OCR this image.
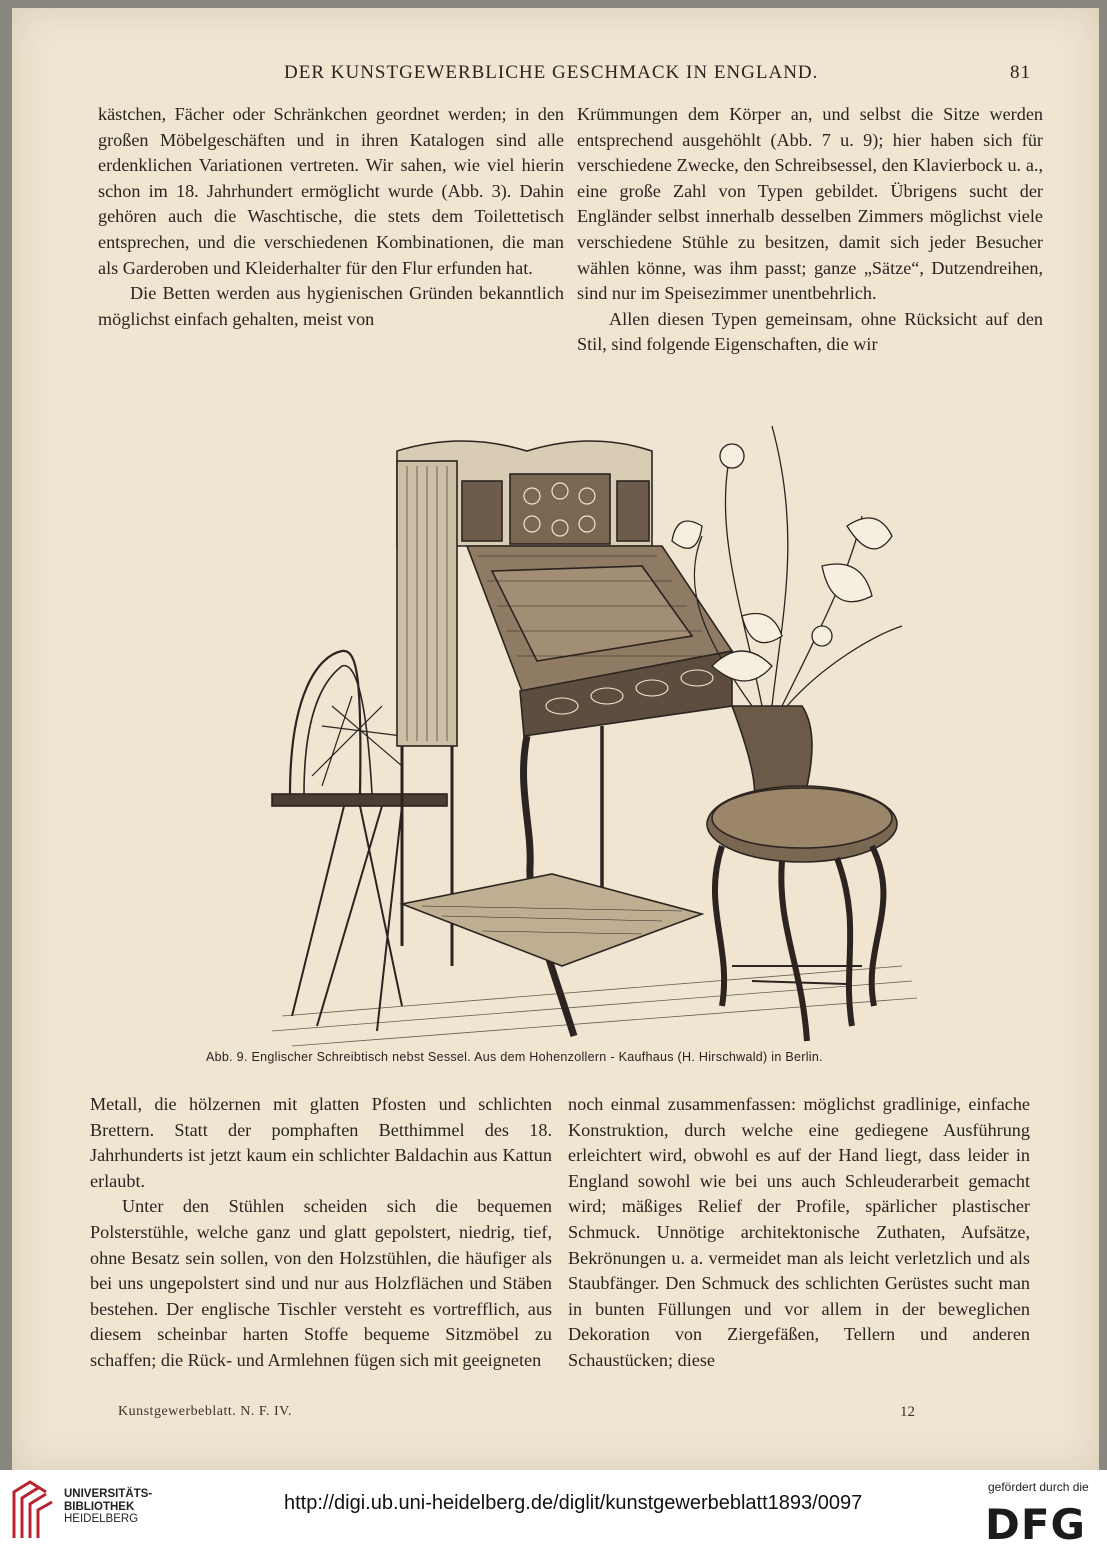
DER KUNSTGEWERBLICHE GESCHMACK IN ENGLAND.	81

kästchen, Fächer oder Schränkchen geordnet werden; in den großen Möbelgeschäften und in ihren Katalogen sind alle erdenklichen Variationen vertreten. Wir sahen, wie viel hierin schon im 18. Jahrhundert ermöglicht wurde (Abb. 3). Dahin gehören auch die Waschtische, die stets dem Toilettetisch entsprechen, und die verschiedenen Kombinationen, die man als Garderoben und Kleiderhalter für den Flur erfunden hat.

Die Betten werden aus hygienischen Gründen bekanntlich möglichst einfach gehalten, meist von

Krümmungen dem Körper an, und selbst die Sitze werden entsprechend ausgehöhlt (Abb. 7 u. 9); hier haben sich für verschiedene Zwecke, den Schreibsessel, den Klavierbock u. a., eine große Zahl von Typen gebildet. Übrigens sucht der Engländer selbst innerhalb desselben Zimmers möglichst viele verschiedene Stühle zu besitzen, damit sich jeder Besucher wählen könne, was ihm passt; ganze „Sätze“, Dutzendreihen, sind nur im Speisezimmer unentbehrlich.

Allen diesen Typen gemeinsam, ohne Rücksicht auf den Stil, sind folgende Eigenschaften, die wir

Abb. 9. Englischer Schreibtisch nebst Sessel. Aus dem Hohenzollern - Kaufhaus (H. Hirschwald) in Berlin.

Metall, die hölzernen mit glatten Pfosten und schlichten Brettern. Statt der pomphaften Betthimmel des 18. Jahrhunderts ist jetzt kaum ein schlichter Baldachin aus Kattun erlaubt.

Unter den Stühlen scheiden sich die bequemen Polsterstühle, welche ganz und glatt gepolstert, niedrig, tief, ohne Besatz sein sollen, von den Holzstühlen, die häufiger als bei uns ungepolstert sind und nur aus Holzflächen und Stäben bestehen. Der englische Tischler versteht es vortrefflich, aus diesem scheinbar harten Stoffe bequeme Sitzmöbel zu schaffen; die Rück- und Armlehnen fügen sich mit geeigneten

noch einmal zusammenfassen: möglichst gradlinige, einfache Konstruktion, durch welche eine gediegene Ausführung erleichtert wird, obwohl es auf der Hand liegt, dass leider in England sowohl wie bei uns auch Schleuderarbeit gemacht wird; mäßiges Relief der Profile, spärlicher plastischer Schmuck. Unnötige architektonische Zuthaten, Aufsätze, Bekrönungen u. a. vermeidet man als leicht verletzlich und als Staubfänger. Den Schmuck des schlichten Gerüstes sucht man in bunten Füllungen und vor allem in der beweglichen Dekoration von Ziergefäßen, Tellern und anderen Schaustücken; diese

Kunstgewerbeblatt. N. F. IV.	12
UNIVERSITÄTS-
BIBLIOTHEK
HEIDELBERG
http://digi.ub.uni-heidelberg.de/diglit/kunstgewerbeblatt1893/0097
gefördert durch die
DFG
